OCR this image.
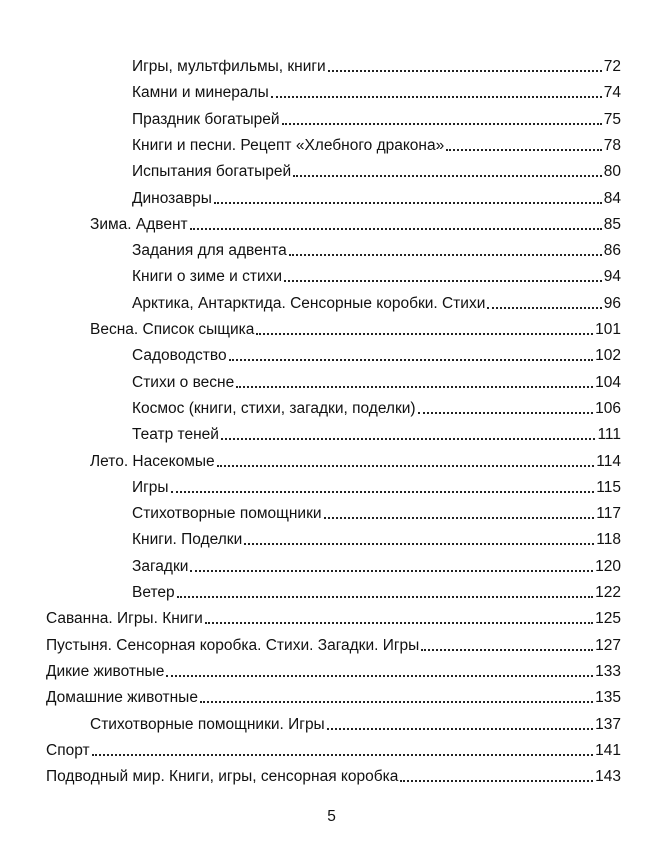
Игры, мультфильмы, книги	72
Камни и минералы	74
Праздник богатырей	75
Книги и песни. Рецепт «Хлебного дракона»	78
Испытания богатырей	80
Динозавры	84
Зима. Адвент	85
Задания для адвента	86
Книги о зиме и стихи	94
Арктика, Антарктида. Сенсорные коробки. Стихи	96
Весна. Список сыщика	101
Садоводство	102
Стихи о весне	104
Космос (книги, стихи, загадки, поделки)	106
Театр теней	111
Лето. Насекомые	114
Игры	115
Стихотворные помощники	117
Книги. Поделки	118
Загадки	120
Ветер	122
Саванна. Игры. Книги	125
Пустыня. Сенсорная коробка. Стихи. Загадки. Игры	127
Дикие животные	133
Домашние животные	135
Стихотворные помощники. Игры	137
Спорт	141
Подводный мир. Книги, игры, сенсорная коробка	143
5
